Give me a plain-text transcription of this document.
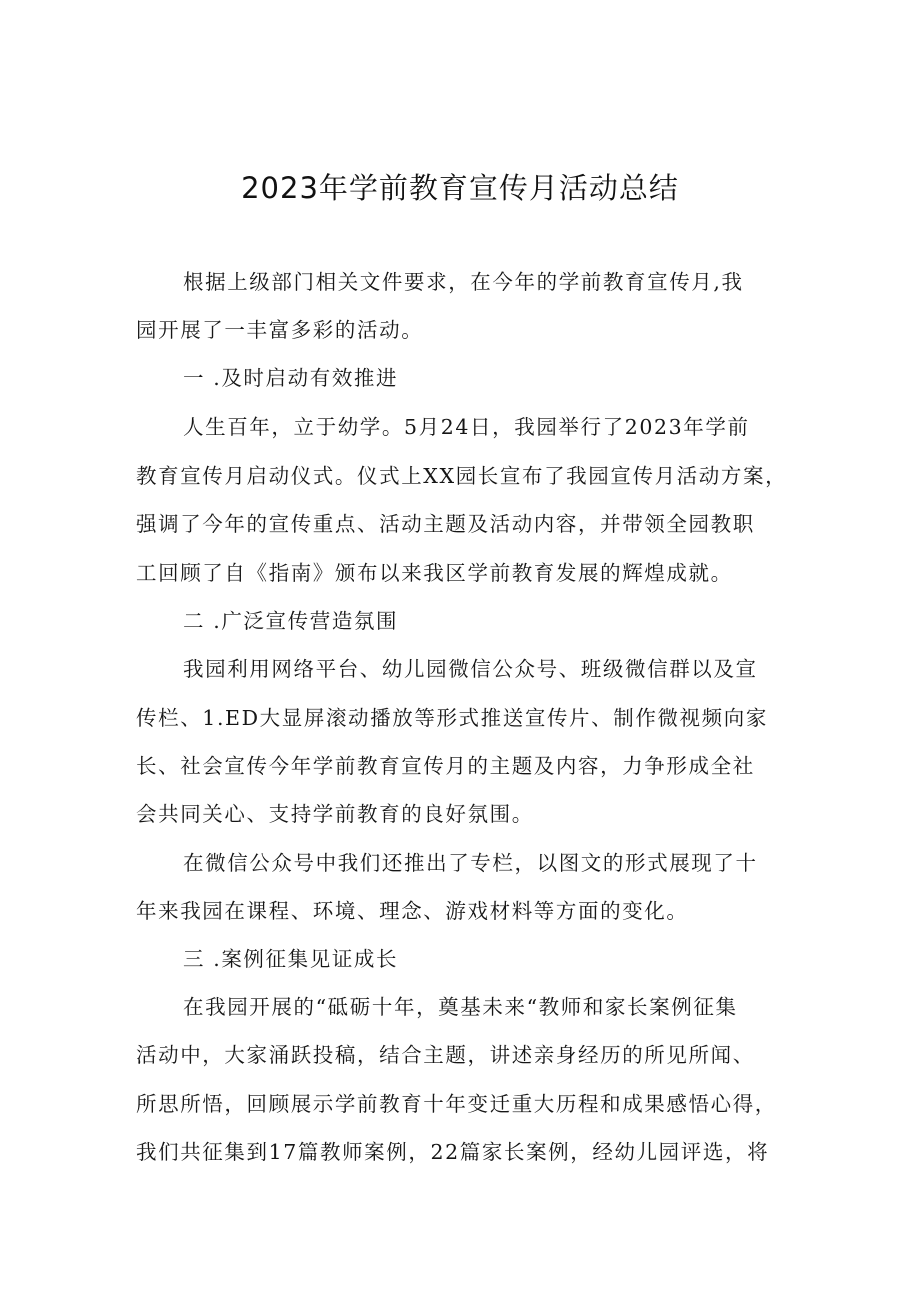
2023年学前教育宣传月活动总结
根据上级部门相关文件要求，在今年的学前教育宣传月,我
园开展了一丰富多彩的活动。
一 .及时启动有效推进
人生百年，立于幼学。5月24日，我园举行了2023年学前
教育宣传月启动仪式。仪式上XX园长宣布了我园宣传月活动方案，
强调了今年的宣传重点、活动主题及活动内容，并带领全园教职
工回顾了自《指南》颁布以来我区学前教育发展的辉煌成就。
二 .广泛宣传营造氛围
我园利用网络平台、幼儿园微信公众号、班级微信群以及宣
传栏、1.ED大显屏滚动播放等形式推送宣传片、制作微视频向家
长、社会宣传今年学前教育宣传月的主题及内容，力争形成全社
会共同关心、支持学前教育的良好氛围。
在微信公众号中我们还推出了专栏，以图文的形式展现了十
年来我园在课程、环境、理念、游戏材料等方面的变化。
三 .案例征集见证成长
在我园开展的“砥砺十年，奠基未来“教师和家长案例征集
活动中，大家涌跃投稿，结合主题，讲述亲身经历的所见所闻、
所思所悟，回顾展示学前教育十年变迁重大历程和成果感悟心得，
我们共征集到17篇教师案例，22篇家长案例，经幼儿园评选，将
